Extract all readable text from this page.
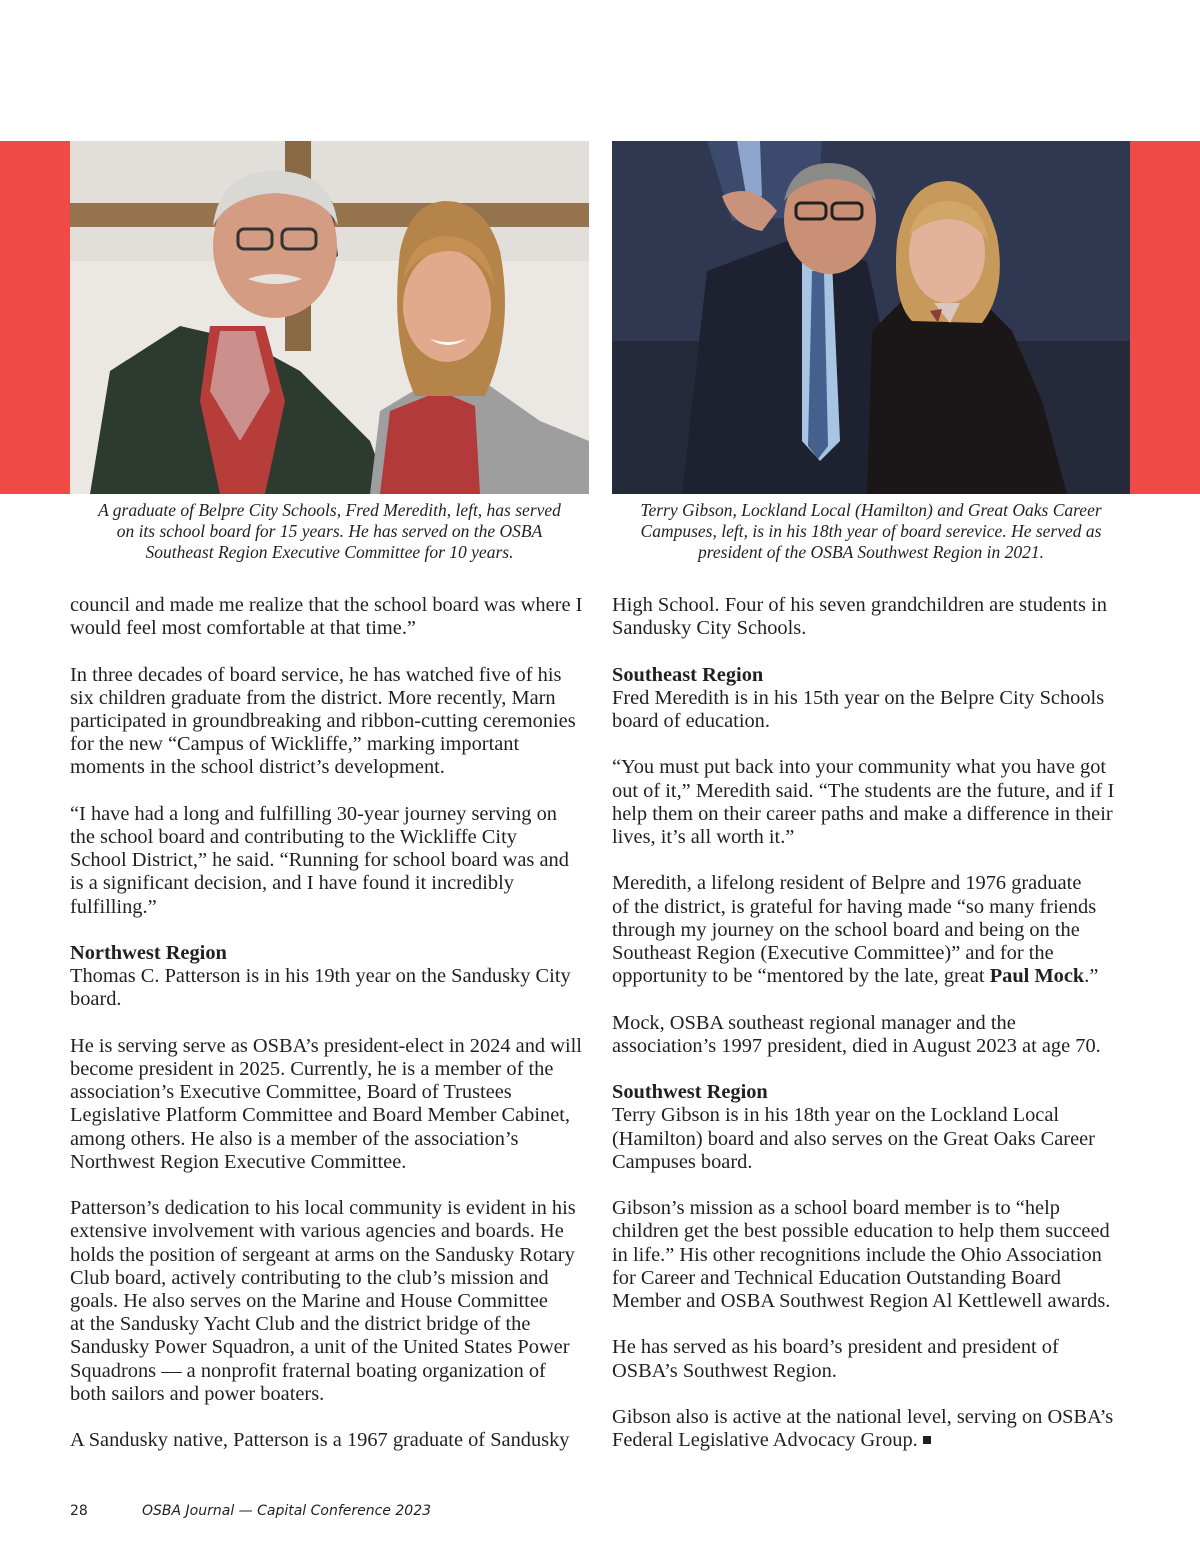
A graduate of Belpre City Schools, Fred Meredith, left, has served
on its school board for 15 years. He has served on the OSBA
Southeast Region Executive Committee for 10 years.
Terry Gibson, Lockland Local (Hamilton) and Great Oaks Career
Campuses, left, is in his 18th year of board serevice. He served as
president of the OSBA Southwest Region in 2021.

council and made me realize that the school board was where I
would feel most comfortable at that time.”

In three decades of board service, he has watched five of his
six children graduate from the district. More recently, Marn
participated in groundbreaking and ribbon-cutting ceremonies
for the new “Campus of Wickliffe,” marking important
moments in the school district’s development.

“I have had a long and fulfilling 30-year journey serving on
the school board and contributing to the Wickliffe City
School District,” he said. “Running for school board was and
is a significant decision, and I have found it incredibly
fulfilling.”

Northwest Region
Thomas C. Patterson is in his 19th year on the Sandusky City
board.

He is serving serve as OSBA’s president-elect in 2024 and will
become president in 2025. Currently, he is a member of the
association’s Executive Committee, Board of Trustees
Legislative Platform Committee and Board Member Cabinet,
among others. He also is a member of the association’s
Northwest Region Executive Committee.

Patterson’s dedication to his local community is evident in his
extensive involvement with various agencies and boards. He
holds the position of sergeant at arms on the Sandusky Rotary
Club board, actively contributing to the club’s mission and
goals. He also serves on the Marine and House Committee
at the Sandusky Yacht Club and the district bridge of the
Sandusky Power Squadron, a unit of the United States Power
Squadrons — a nonprofit fraternal boating organization of
both sailors and power boaters.

A Sandusky native, Patterson is a 1967 graduate of Sandusky

High School. Four of his seven grandchildren are students in
Sandusky City Schools.

Southeast Region
Fred Meredith is in his 15th year on the Belpre City Schools
board of education.

“You must put back into your community what you have got
out of it,” Meredith said. “The students are the future, and if I
help them on their career paths and make a difference in their
lives, it’s all worth it.”

Meredith, a lifelong resident of Belpre and 1976 graduate
of the district, is grateful for having made “so many friends
through my journey on the school board and being on the
Southeast Region (Executive Committee)” and for the
opportunity to be “mentored by the late, great Paul Mock.”

Mock, OSBA southeast regional manager and the
association’s 1997 president, died in August 2023 at age 70.

Southwest Region
Terry Gibson is in his 18th year on the Lockland Local
(Hamilton) board and also serves on the Great Oaks Career
Campuses board.

Gibson’s mission as a school board member is to “help
children get the best possible education to help them succeed
in life.” His other recognitions include the Ohio Association
for Career and Technical Education Outstanding Board
Member and OSBA Southwest Region Al Kettlewell awards.

He has served as his board’s president and president of
OSBA’s Southwest Region.

Gibson also is active at the national level, serving on OSBA’s
Federal Legislative Advocacy Group.

28	OSBA Journal — Capital Conference 2023
